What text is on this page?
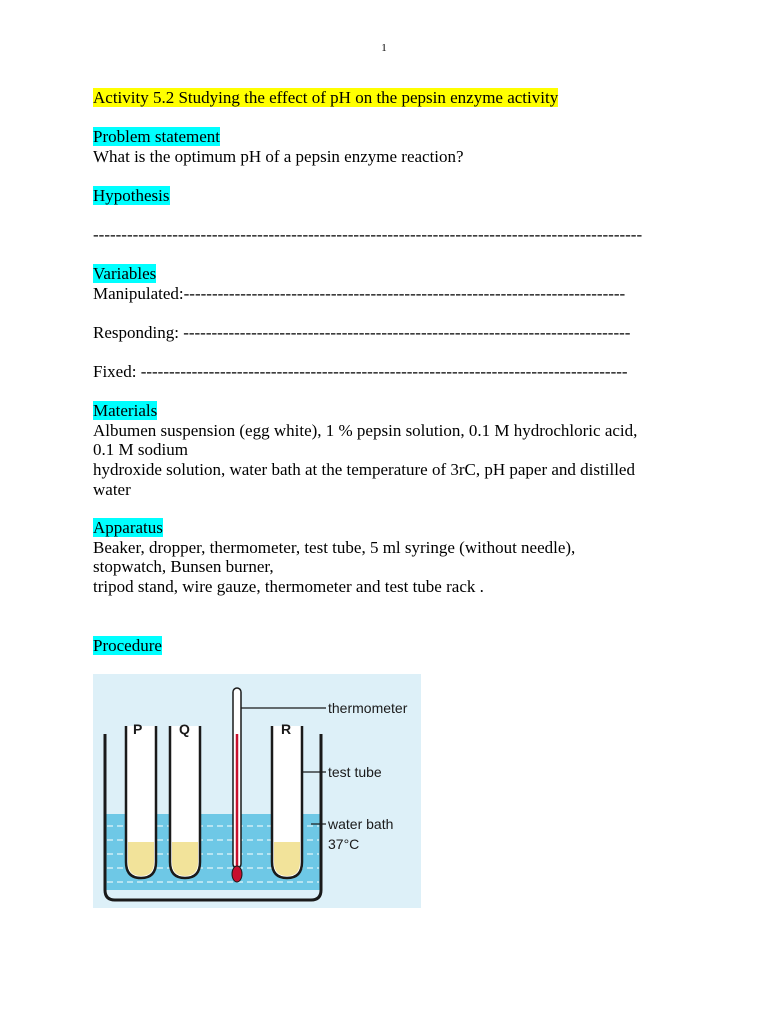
1
Activity 5.2 Studying the effect of pH on the pepsin enzyme activity
Problem statement
What is the optimum pH of a pepsin enzyme reaction?
Hypothesis
-------------------------------------------------------------------------------------------------
Variables
Manipulated:------------------------------------------------------------------------------
Responding: -------------------------------------------------------------------------------
Fixed: --------------------------------------------------------------------------------------
Materials
Albumen suspension (egg white), 1 % pepsin solution, 0.1 M hydrochloric acid,
0.1 M sodium
hydroxide solution, water bath at the temperature of 3rC, pH paper and distilled
water
Apparatus
Beaker, dropper, thermometer, test tube, 5 ml syringe (without needle),
stopwatch, Bunsen burner,
tripod stand, wire gauze, thermometer and test tube rack .
Procedure
P	Q	R
thermometer
test tube
water bath
37°C
